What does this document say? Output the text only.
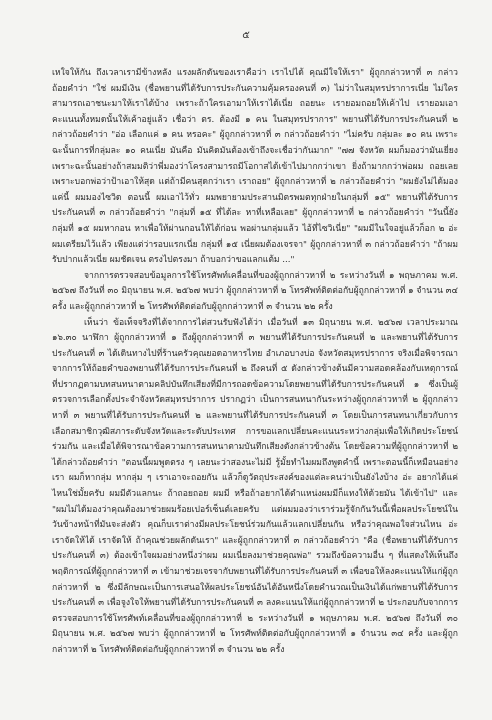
๕

เหใจให้กัน ถึงเวลาเรามีข้างหลัง แรงผลักดันของเราคือว่า เราไปได้ คุณมีใจให้เรา" ผู้ถูกกล่าวหาที่ ๓ กล่าวถ้อยคำว่า "ใช่ ผมมีเงิน (ชื่อพยานที่ได้รับการประกันความคุ้มครองคนที่ ๓) ไม่ว่าในสมุทรปราการเนี่ย ไม่ใครสามารถเอาชนะมาให้เราได้บ้าง เพราะถ้าใครเอามาให้เราได้เนี่ย ถอยนะ เรายอมถอยให้เค้าไป เรายอมเอาคะแนนทั้งหมดนั้นให้เค้าอยู่แล้ว เชื่อว่า ตร. ต้องมี ๑ คน ในสมุทรปราการ" พยานที่ได้รับการประกันคนที่ ๒ กล่าวถ้อยคำว่า "อ่อ เลือกแค่ ๑ คน หรอคะ" ผู้ถูกกล่าวหาที่ ๓ กล่าวถ้อยคำว่า "ไม่ครับ กลุ่มละ ๑๐ คน เพราะฉะนั้นการที่กลุ่มละ ๑๐ คนเนี่ย มันคือ มันคิดมันต้องเข้าถึงจะเชื่อว่ากันมาก" "๗๗ จังหวัด ผมก็มองว่ามันเยี่ยง เพราะฉะนั้นอย่างถ้าสมมติว่าพี่มองว่าโครงสามารถมีโอกาสได้เข้าไปมากกว่าเขา ยิ่งถ้ามากกว่าพ่อผม ถอยเลย เพราะบอกพ่อว่าป้าเอาให้สุด แต่ถ้ามีคนสุดกว่าเรา เราถอย" ผู้ถูกกล่าวหาที่ ๒ กล่าวถ้อยคำว่า "ผมยังไม่ได้มองแค่นี้ ผมมองไซวิด ตอนนี้ ผมเอาไว้ทั่ว ผมพยายามประสานมิตรพมตทุกฝ่ายในกลุ่มที่ ๑๕" พยานที่ได้รับการประกันคนที่ ๓ กล่าวถ้อยคำว่า "กลุ่มที่ ๑๕ ที่ได้ละ หาที่เหลือเลย" ผู้ถูกกล่าวหาที่ ๒ กล่าวถ้อยคำว่า "วันนี้ยัง กลุ่มที่ ๑๕ ผมหากอน หาเพื่อให้ผ่านกอนให้ได้ก่อน พอผ่านกลุ่มแล้ว ไอ้ที่ไซวิเนี่ย" "ผมมีในใจอยู่แล้วก็อก ๒ อ่ะ ผมเตรียมไว้แล้ว เพียงแต่ว่ารอบแรกเนี่ย กลุ่มที่ ๑๕ เนี่ยผมต้องเจรจา" ผู้ถูกกล่าวหาที่ ๓ กล่าวถ้อยคำว่า "ถ้าผมรับปากแล้วเนี่ย ผมชัดเจน ตรงไปตรงมา ถ้าบอกว่าขอแลกแต้ม ..."

จากการตรวจสอบข้อมูลการใช้โทรศัพท์เคลื่อนที่ของผู้ถูกกล่าวหาที่ ๒ ระหว่างวันที่ ๑ พฤษภาคม พ.ศ. ๒๕๖๗ ถึงวันที่ ๓๐ มิถุนายน พ.ศ. ๒๕๖๗ พบว่า ผู้ถูกกล่าวหาที่ ๒ โทรศัพท์ติดต่อกับผู้ถูกกล่าวหาที่ ๑ จำนวน ๓๔ ครั้ง และผู้ถูกกล่าวหาที่ ๒ โทรศัพท์ติดต่อกับผู้ถูกกล่าวหาที่ ๓ จำนวน ๒๒ ครั้ง

เห็นว่า ข้อเท็จจริงที่ได้จากการไต่สวนรับฟังได้ว่า เมื่อวันที่ ๑๓ มิถุนายน พ.ศ. ๒๕๖๗ เวลาประมาณ ๑๖.๓๐ นาฬิกา ผู้ถูกกล่าวหาที่ ๑ ถึงผู้ถูกกล่าวหาที่ ๓ พยานที่ได้รับการประกันคนที่ ๒ และพยานที่ได้รับการประกันคนที่ ๓ ได้เดินทางไปที่ร้านครัวคุณยอดอาหารไทย อำเภอบางบ่อ จังหวัดสมุทรปราการ จริงเมื่อพิจารณาจากการให้ถ้อยคำของพยานที่ได้รับการประกันคนที่ ๒ ถึงคนที่ ๕ ดังกล่าวข้างต้นมีความสอดคล้องกับเหตุการณ์ที่ปรากฏตามบทสนทนาตามคลิปบันทึกเสียงที่มีการถอดข้อความโดยพยานที่ได้รับการประกันคนที่ ๑ ซึ่งเป็นผู้ตรวจการเลือกตั้งประจำจังหวัดสมุทรปราการ ปรากฏว่า เป็นการสนทนากันระหว่างผู้ถูกกล่าวหาที่ ๒ ผู้ถูกกล่าวหาที่ ๓ พยานที่ได้รับการประกันคนที่ ๒ และพยานที่ได้รับการประกันคนที่ ๓ โดยเป็นการสนทนาเกี่ยวกับการเลือกสมาชิกวุฒิสภาระดับจังหวัดและระดับประเทศ การขอแลกเปลี่ยนคะแนนระหว่างกลุ่มเพื่อให้เกิดประโยชน์ร่วมกัน และเมื่อได้พิจารณาข้อความการสนทนาตามบันทึกเสียงดังกล่าวข้างต้น โดยข้อความที่ผู้ถูกกล่าวหาที่ ๒ ได้กล่าวถ้อยคำว่า "ตอนนี้ผมพูดตรง ๆ เลยนะว่าสองนะไม่มี รู้มั้ยทำไมผมถึงพูดคำนี้ เพราะตอนนี้ก็เหมือนอย่างเรา ผมก็หากลุ่ม หากลุ่ม ๆ เราเอาจะถอยกัน แล้วก็ดูวัตถุประสงค์ของแต่ละคนว่าเป็นยังไงบ้าง อ่ะ อยากได้แค่ไหนใช่มั้ยครับ ผมมีตัวแลกนะ ถ้าถอยถอย ผมมี หรือถ้าอยากได้ตำแหน่งผมมีก็แทงให้ด้วยมัน ได้เข้าไป" และ "ผมไม่ได้มองว่าคุณต้องมาช่วยผมร้อยเปอร์เซ็นต์เลยครับ แต่ผมมองว่าเราร่วมรู้จักกันวันนี้เพื่อผลประโยชน์ในวันข้างหน้าที่มันจะส่งตัว คุณก็บเราต่างมีผลประโยชน์ร่วมกันแล้วแลกเปลี่ยนกัน หรือว่าคุณพอใจส่วนไหน อ่ะเราจัดให้ได้ เราจัดให้ ถ้าคุณช่วยผลักดันเรา" และผู้ถูกกล่าวหาที่ ๓ กล่าวถ้อยคำว่า "คือ (ชื่อพยานที่ได้รับการประกันคนที่ ๓) ต้องเข้าใจผมอย่างหนึ่งว่าผม ผมเนี่ยลงมาช่วยคุณพ่อ" รวมถึงข้อความอื่น ๆ ที่แสดงให้เห็นถึงพฤติการณ์ที่ผู้ถูกกล่าวหาที่ ๓ เข้ามาช่วยเจรจากับพยานที่ได้รับการประกันคนที่ ๓ เพื่อขอให้ลงคะแนนให้แก่ผู้ถูกกล่าวหาที่ ๒ ซึ่งมีลักษณะเป็นการเสนอให้ผลประโยชน์อันได้อันหนึ่งโดยคำนวณเป็นเงินได้แก่พยานที่ได้รับการประกันคนที่ ๓ เพื่อจูงใจให้พยานที่ได้รับการประกันคนที่ ๓ ลงคะแนนให้แก่ผู้ถูกกล่าวหาที่ ๒ ประกอบกับจากการตรวจสอบการใช้โทรศัพท์เคลื่อนที่ของผู้ถูกกล่าวหาที่ ๒ ระหว่างวันที่ ๑ พฤษภาคม พ.ศ. ๒๕๖๗ ถึงวันที่ ๓๐ มิถุนายน พ.ศ. ๒๕๖๗ พบว่า ผู้ถูกกล่าวหาที่ ๒ โทรศัพท์ติดต่อกับผู้ถูกกล่าวหาที่ ๑ จำนวน ๓๔ ครั้ง และผู้ถูกกล่าวหาที่ ๒ โทรศัพท์ติดต่อกับผู้ถูกกล่าวหาที่ ๓ จำนวน ๒๒ ครั้ง
